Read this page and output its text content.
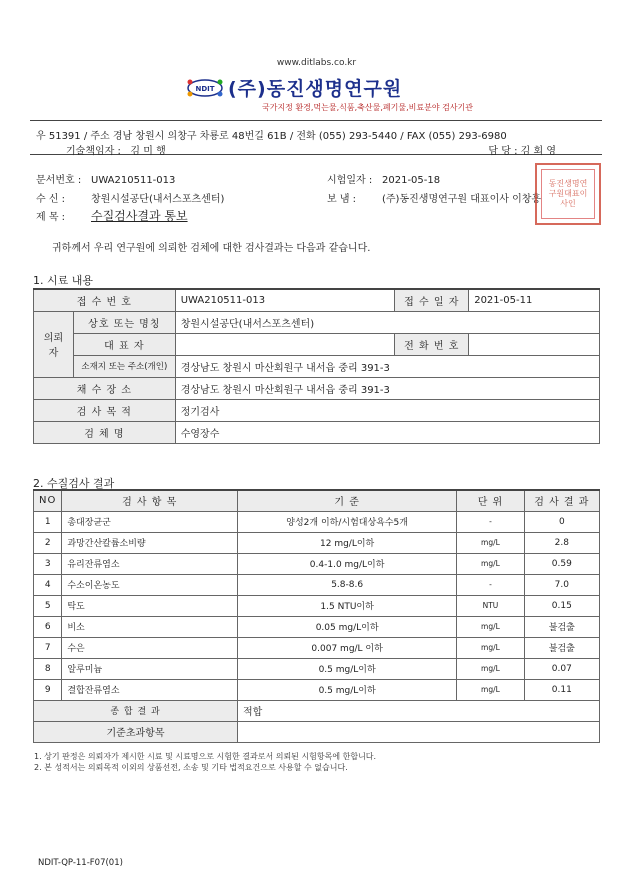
www.ditlabs.co.kr
NDIT (주)동진생명연구원
국가지정 환경,먹는물,식품,축산물,폐기물,비료분야 검사기관
우 51391 / 주소 경남 창원시 의창구 차룡로 48번길 61B / 전화 (055) 293-5440 / FAX (055) 293-6980
기술책임자 : 김 미 행	담 당 : 김 회 영
문서번호 : UWA210511-013
수 신 :	창원시설공단(내서스포츠센터)
제 목 : 수질검사결과 통보
시험일자 : 2021-05-18
보 냄 :	(주)동진생명연구원 대표이사 이창흥
동진생명연구원대표이사인
귀하께서 우리 연구원에 의뢰한 검체에 대한 검사결과는 다음과 같습니다.
1. 시료 내용
접 수 번 호		UWA210511-013	접 수 일 자	2021-05-11
의뢰자	상호 또는 명칭	창원시설공단(내서스포츠센터)		
	대 표 자		전 화 번 호	
	소재지 또는 주소(개인)	경상남도 창원시 마산회원구 내서읍 중리 391-3		
채 수 장 소		경상남도 창원시 마산회원구 내서읍 중리 391-3		
검 사 목 적		정기검사		
검 체 명		수영장수		
2. 수질검사 결과
NO	검 사 항 목	기 준	단 위	검 사 결 과
1	총대장균군	양성2개 이하/시험대상욕수5개	-	0
2	과망간산칼륨소비량	12 mg/L이하	mg/L	2.8
3	유리잔류염소	0.4-1.0 mg/L이하	mg/L	0.59
4	수소이온농도	5.8-8.6	-	7.0
5	탁도	1.5 NTU이하	NTU	0.15
6	비소	0.05 mg/L이하	mg/L	불검출
7	수은	0.007 mg/L 이하	mg/L	불검출
8	알루미늄	0.5 mg/L이하	mg/L	0.07
9	결합잔류염소	0.5 mg/L이하	mg/L	0.11
종 합 결 과		적합		
기준초과항목				
1. 상기 판정은 의뢰자가 제시한 시료 및 시료명으로 시험한 결과로서 의뢰된 시험항목에 한합니다.
2. 본 성적서는 의뢰목적 이외의 상품선전, 소송 및 기타 법적요건으로 사용할 수 없습니다.
NDIT-QP-11-F07(01)
